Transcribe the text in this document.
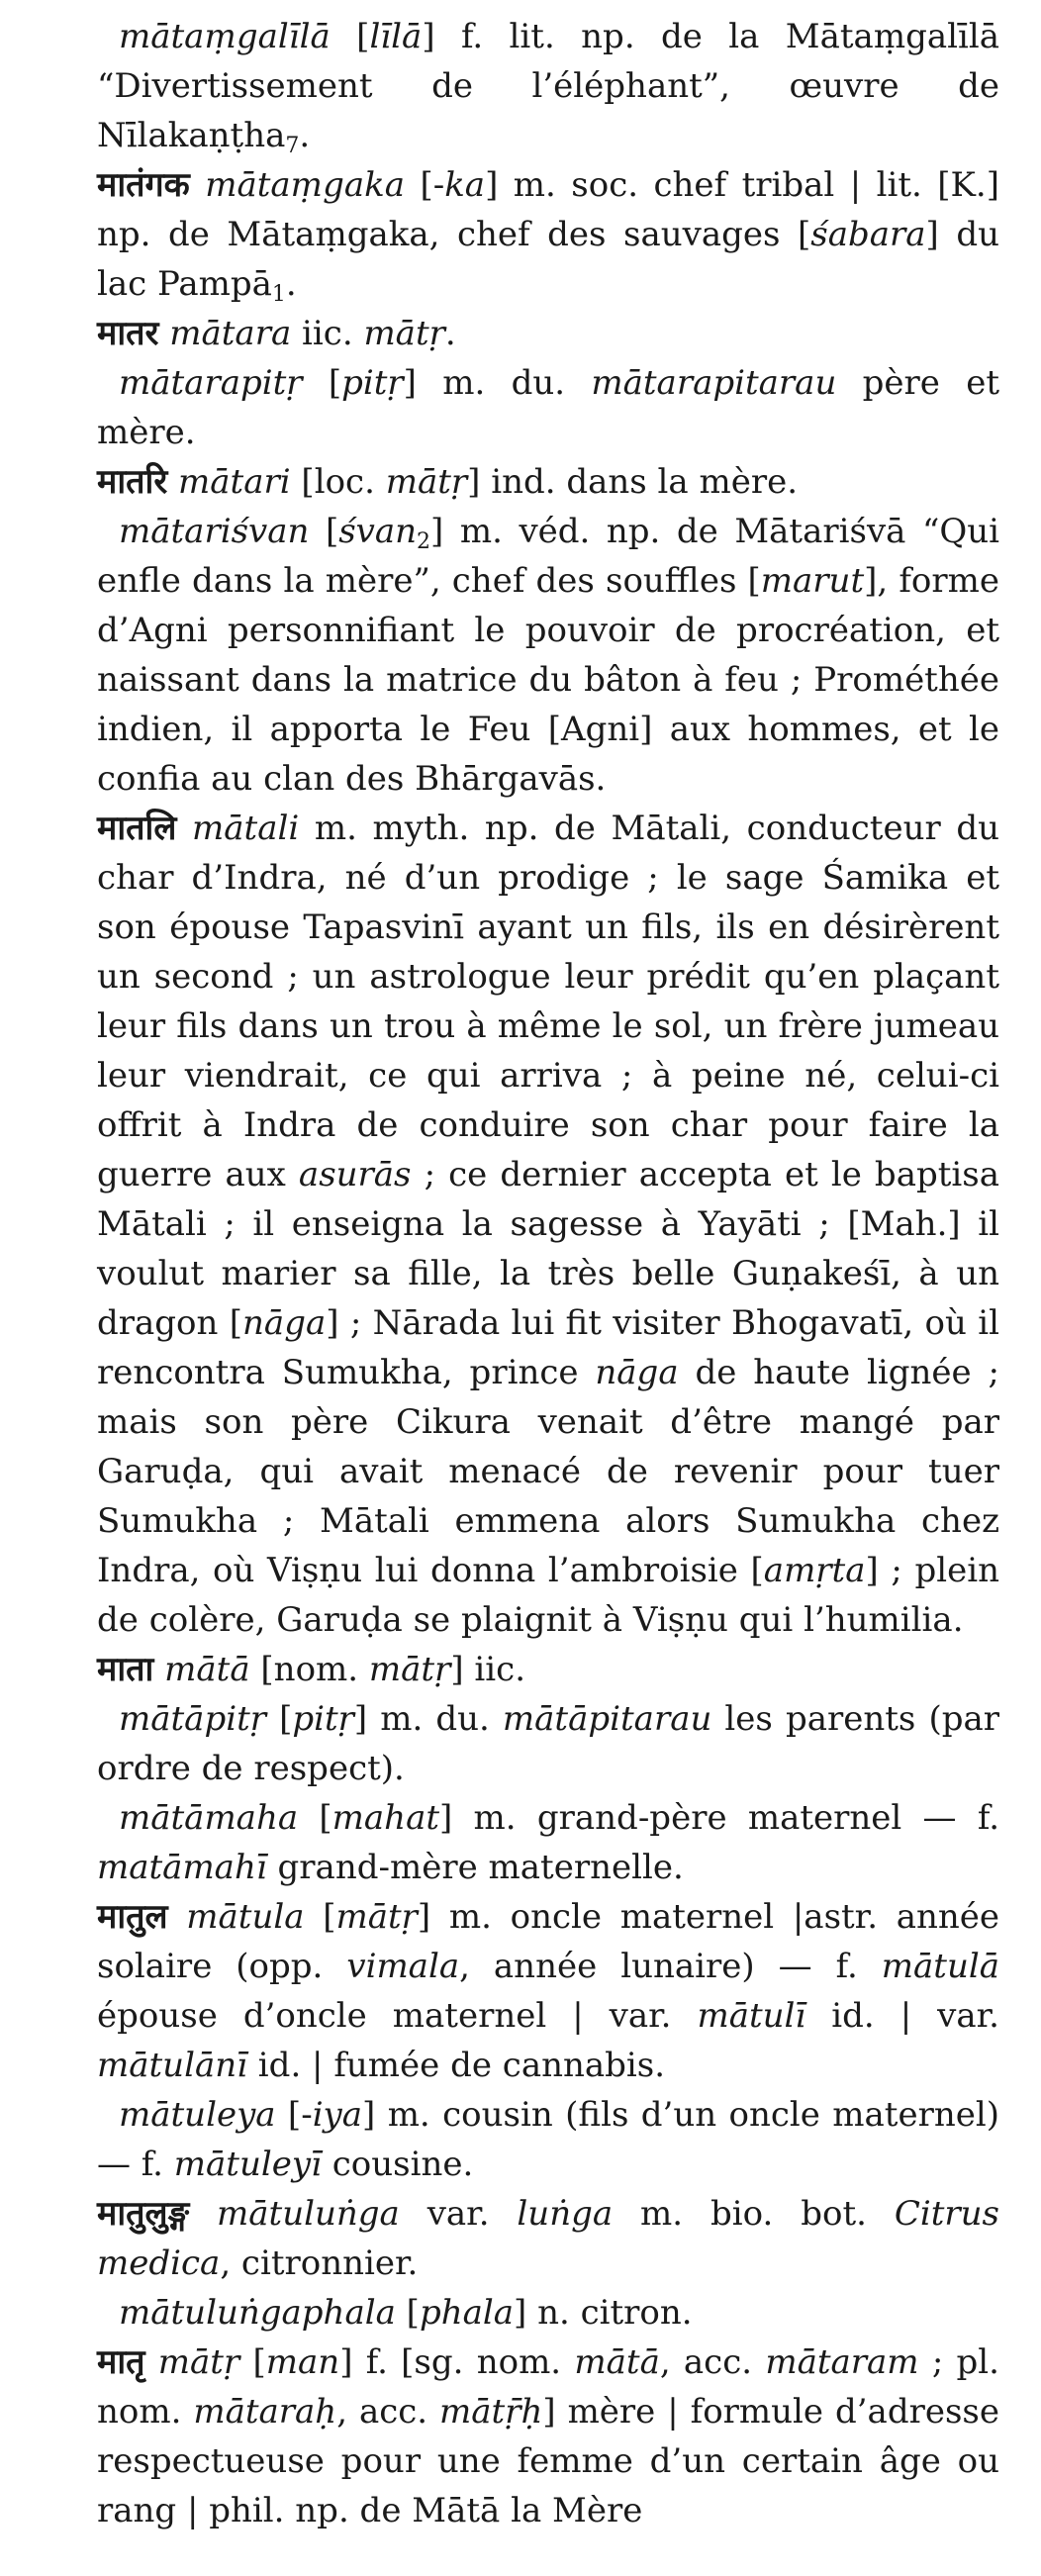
mātaṃgalīlā [līlā] f. lit. np. de la Mātaṃgalīlā “Divertissement de l’éléphant”, œuvre de Nīlakaṇṭha$_7$.

मातंगक mātaṃgaka [-ka] m. soc. chef tribal | lit. [K.] np. de Mātaṃgaka, chef des sauvages [śabara] du lac Pampā$_1$.

मातर mātara iic. mātṛ.

mātarapitṛ [pitṛ] m. du. mātarapitarau père et mère.

मातरि mātari [loc. mātṛ] ind. dans la mère.

mātariśvan [śvan$_2$] m. véd. np. de Mātariśvā “Qui enfle dans la mère”, chef des souffles [marut], forme d’Agni personnifiant le pouvoir de procréation, et naissant dans la matrice du bâton à feu ; Prométhée indien, il apporta le Feu [Agni] aux hommes, et le confia au clan des Bhārgavās.

मातलि mātali m. myth. np. de Mātali, conducteur du char d’Indra, né d’un prodige ; le sage Śamika et son épouse Tapasvinī ayant un fils, ils en désirèrent un second ; un astrologue leur prédit qu’en plaçant leur fils dans un trou à même le sol, un frère jumeau leur viendrait, ce qui arriva ; à peine né, celui-ci offrit à Indra de conduire son char pour faire la guerre aux asurās ; ce dernier accepta et le baptisa Mātali ; il enseigna la sagesse à Yayāti ; [Mah.] il voulut marier sa fille, la très belle Guṇakeśī, à un dragon [nāga] ; Nārada lui fit visiter Bhogavatī, où il rencontra Sumukha, prince nāga de haute lignée ; mais son père Cikura venait d’être mangé par Garuḍa, qui avait menacé de revenir pour tuer Sumukha ; Mātali emmena alors Sumukha chez Indra, où Viṣṇu lui donna l’ambroisie [amṛta] ; plein de colère, Garuḍa se plaignit à Viṣṇu qui l’humilia.

माता mātā [nom. mātṛ] iic.

mātāpitṛ [pitṛ] m. du. mātāpitarau les parents (par ordre de respect).

mātāmaha [mahat] m. grand-père maternel — f. matāmahī grand-mère maternelle.

मातुल mātula [mātṛ] m. oncle maternel |astr. année solaire (opp. vimala, année lunaire) — f. mātulā épouse d’oncle maternel | var. mātulī id. | var. mātulānī id. | fumée de cannabis.

mātuleya [-iya] m. cousin (fils d’un oncle maternel) — f. mātuleyī cousine.

मातुलुङ्ग mātuluṅga var. luṅga m. bio. bot. Citrus medica, citronnier.

mātuluṅgaphala [phala] n. citron.

मातृ mātṛ [man] f. [sg. nom. mātā, acc. mātaram ; pl. nom. mātaraḥ, acc. mātṝḥ] mère | formule d’adresse respectueuse pour une femme d’un certain âge ou rang | phil. np. de Mātā la Mère
